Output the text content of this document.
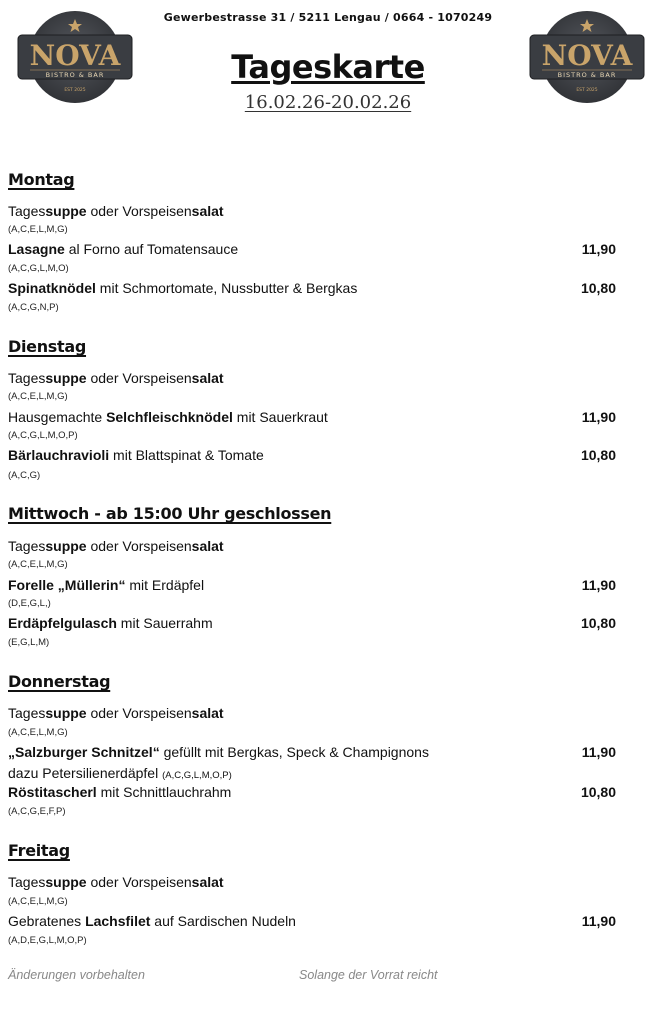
NOVA
BISTRO & BAR
EST 2025
Gewerbestrasse 31 / 5211 Lengau / 0664 - 1070249
Tageskarte
16.02.26-20.02.26
NOVA
BISTRO & BAR
EST 2025
Montag
Tagessuppe oder Vorspeisensalat
(A,C,E,L,M,G)
Lasagne al Forno auf Tomatensauce	11,90
(A,C,G,L,M,O)
Spinatknödel mit Schmortomate, Nussbutter & Bergkas	10,80
(A,C,G,N,P)
Dienstag
Tagessuppe oder Vorspeisensalat
(A,C,E,L,M,G)
Hausgemachte Selchfleischknödel mit Sauerkraut	11,90
(A,C,G,L,M,O,P)
Bärlauchravioli mit Blattspinat & Tomate	10,80
(A,C,G)
Mittwoch - ab 15:00 Uhr geschlossen
Tagessuppe oder Vorspeisensalat
(A,C,E,L,M,G)
Forelle „Müllerin“ mit Erdäpfel	11,90
(D,E,G,L,)
Erdäpfelgulasch mit Sauerrahm	10,80
(E,G,L,M)
Donnerstag
Tagessuppe oder Vorspeisensalat
(A,C,E,L,M,G)
„Salzburger Schnitzel“ gefüllt mit Bergkas, Speck & Champignons	11,90
dazu Petersilienerdäpfel (A,C,G,L,M,O,P)
Röstitascherl mit Schnittlauchrahm	10,80
(A,C,G,E,F,P)
Freitag
Tagessuppe oder Vorspeisensalat
(A,C,E,L,M,G)
Gebratenes Lachsfilet auf Sardischen Nudeln	11,90
(A,D,E,G,L,M,O,P)
Änderungen vorbehalten	Solange der Vorrat reicht
